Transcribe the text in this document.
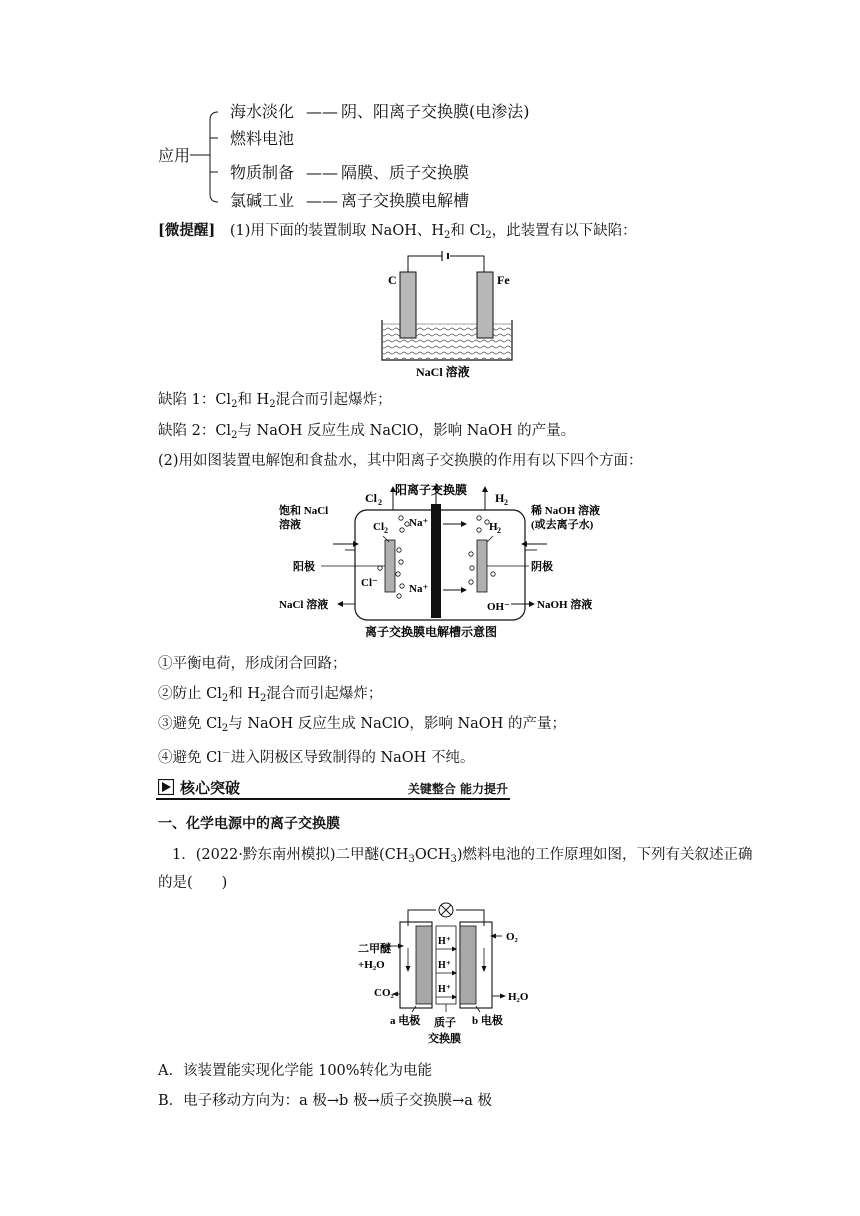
应用
海水淡化 —— 阴、阳离子交换膜(电渗法)
燃料电池
物质制备 —— 隔膜、质子交换膜
氯碱工业 —— 离子交换膜电解槽
[微提醒] (1)用下面的装置制取 NaOH、$H_2$和 $Cl_2$，此装置有以下缺陷：
C	Fe
NaCl 溶液
缺陷 1：$Cl_2$和 $H_2$混合而引起爆炸；
缺陷 2：$Cl_2$与 NaOH 反应生成 NaClO，影响 NaOH 的产量。
(2)用如图装置电解饱和食盐水，其中阳离子交换膜的作用有以下四个方面：
Cl 2	H 2
阳离子交换膜
Cl 2	H 2
Na⁺
Na⁺
Cl⁻
OH⁻
饱和 NaCl
溶液
阳极
NaCl 溶液
稀 NaOH 溶液
(或去离子水)
阴极
NaOH 溶液
离子交换膜电解槽示意图
①平衡电荷，形成闭合回路；
②防止 $Cl_2$和 $H_2$混合而引起爆炸；
③避免 $Cl_2$与 NaOH 反应生成 NaClO，影响 NaOH 的产量；
④避免 Cl－进入阴极区导致制得的 NaOH 不纯。
核心突破	关键整合 能力提升
一、化学电源中的离子交换膜
1．(2022·黔东南州模拟)二甲醚$(CH_3OCH_3)$燃料电池的工作原理如图，下列有关叙述正确
的是(　　)
H⁺
H⁺
H⁺
二甲醚
+H₂O
CO₂
O₂
H₂O
a 电极	b 电极
质子
交换膜
A．该装置能实现化学能 100%转化为电能
B．电子移动方向为：a 极→b 极→质子交换膜→a 极
